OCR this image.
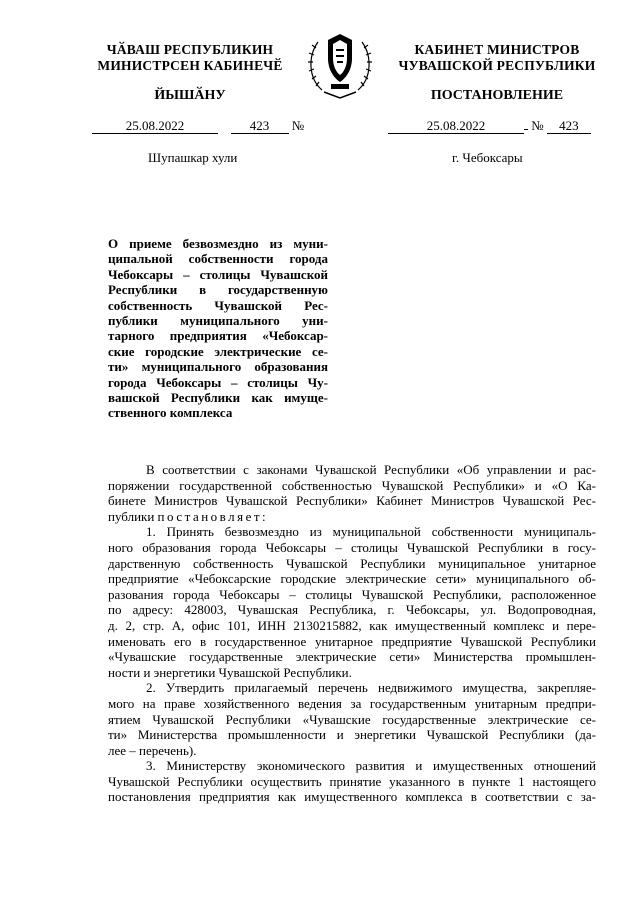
ЧӐВАШ РЕСПУБЛИКИН
МИНИСТРСЕН КАБИНЕЧӖ
ЙЫШӐНУ
КАБИНЕТ МИНИСТРОВ
ЧУВАШСКОЙ РЕСПУБЛИКИ
ПОСТАНОВЛЕНИЕ
25.08.2022	423 №	25.08.2022	№ 423
Шупашкар хули	г. Чебоксары
О приеме безвозмездно из муни-
ципальной собственности города
Чебоксары – столицы Чувашской
Республики в государственную
собственность Чувашской Рес-
публики муниципального уни-
тарного предприятия «Чебоксар-
ские городские электрические се-
ти» муниципального образования
города Чебоксары – столицы Чу-
вашской Республики как имуще-
ственного комплекса
В соответствии с законами Чувашской Республики «Об управлении и рас-
поряжении государственной собственностью Чувашской Республики» и «О Ка-
бинете Министров Чувашской Республики» Кабинет Министров Чувашской Рес-
публики постановляет:
1. Принять безвозмездно из муниципальной собственности муниципаль-
ного образования города Чебоксары – столицы Чувашской Республики в госу-
дарственную собственность Чувашской Республики муниципальное унитарное
предприятие «Чебоксарские городские электрические сети» муниципального об-
разования города Чебоксары – столицы Чувашской Республики, расположенное
по адресу: 428003, Чувашская Республика, г. Чебоксары, ул. Водопроводная,
д. 2, стр. А, офис 101, ИНН 2130215882, как имущественный комплекс и пере-
именовать его в государственное унитарное предприятие Чувашской Республики
«Чувашские государственные электрические сети» Министерства промышлен-
ности и энергетики Чувашской Республики.
2. Утвердить прилагаемый перечень недвижимого имущества, закрепляе-
мого на праве хозяйственного ведения за государственным унитарным предпри-
ятием Чувашской Республики «Чувашские государственные электрические се-
ти» Министерства промышленности и энергетики Чувашской Республики (да-
лее – перечень).
3. Министерству экономического развития и имущественных отношений
Чувашской Республики осуществить принятие указанного в пункте 1 настоящего
постановления предприятия как имущественного комплекса в соответствии с за-
